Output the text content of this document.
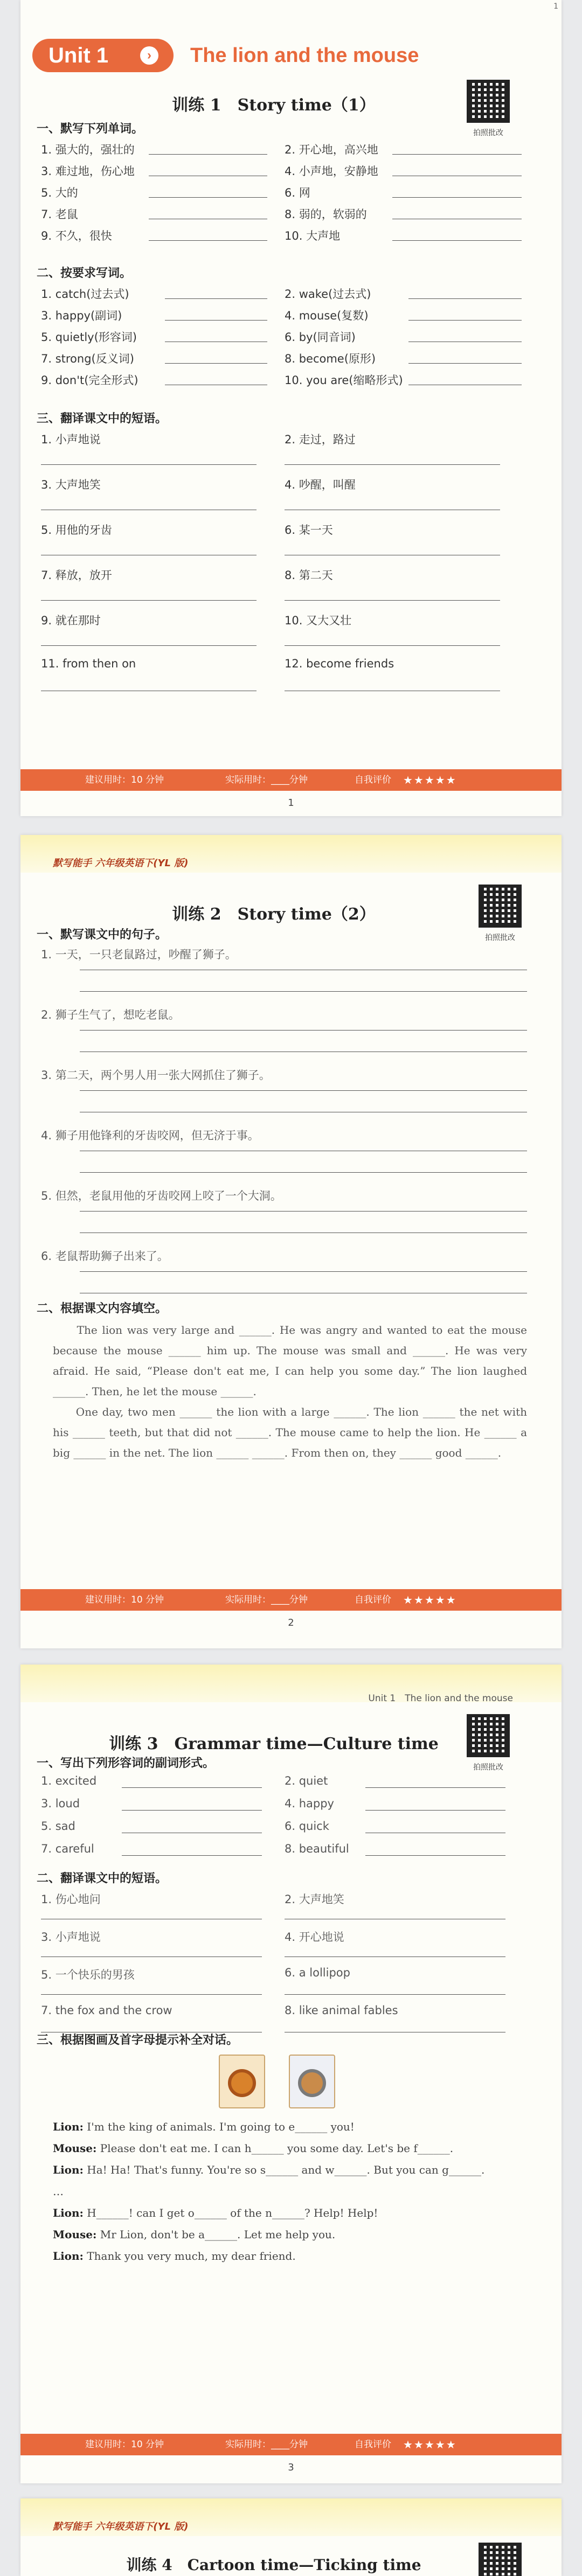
1
Unit 1	›	The lion and the mouse
训练 1　Story time（1）
拍照批改
一、默写下列单词。
1. 强大的，强壮的	2. 开心地，高兴地
3. 难过地，伤心地	4. 小声地，安静地
5. 大的	6. 网
7. 老鼠	8. 弱的，软弱的
9. 不久，很快	10. 大声地
二、按要求写词。
1. catch(过去式)	2. wake(过去式)
3. happy(副词)	4. mouse(复数)
5. quietly(形容词)	6. by(同音词)
7. strong(反义词)	8. become(原形)
9. don't(完全形式)	10. you are(缩略形式)
三、翻译课文中的短语。
1. 小声地说	2. 走过，路过
3. 大声地笑	4. 吵醒，叫醒
5. 用他的牙齿	6. 某一天
7. 释放，放开	8. 第二天
9. 就在那时	10. 又大又壮
11. from then on	12. become friends
建议用时：10 分钟	实际用时：____分钟	自我评价 ★★★★★
1
默写能手 六年级英语下(YL 版)
训练 2　Story time（2）
拍照批改
一、默写课文中的句子。
1. 一天，一只老鼠路过，吵醒了狮子。
2. 狮子生气了，想吃老鼠。
3. 第二天，两个男人用一张大网抓住了狮子。
4. 狮子用他锋利的牙齿咬网，但无济于事。
5. 但然，老鼠用他的牙齿咬网上咬了一个大洞。
6. 老鼠帮助狮子出来了。
二、根据课文内容填空。

　　The lion was very large and ______. He was angry and wanted to eat the mouse because the mouse ______ him up. The mouse was small and ______. He was very afraid. He said, “Please don't eat me, I can help you some day.” The lion laughed ______. Then, he let the mouse ______.

　　One day, two men ______ the lion with a large ______. The lion ______ the net with his ______ teeth, but that did not ______. The mouse came to help the lion. He ______ a big ______ in the net. The lion ______ ______. From then on, they ______ good ______.

建议用时：10 分钟	实际用时：____分钟	自我评价 ★★★★★
2
Unit 1　The lion and the mouse
训练 3　Grammar time—Culture time
拍照批改
一、写出下列形容词的副词形式。
1. excited	2. quiet
3. loud	4. happy
5. sad	6. quick
7. careful	8. beautiful
二、翻译课文中的短语。
1. 伤心地问	2. 大声地笑
3. 小声地说	4. 开心地说
5. 一个快乐的男孩	6. a lollipop
7. the fox and the crow	8. like animal fables
三、根据图画及首字母提示补全对话。
Lion: I'm the king of animals. I'm going to e______ you!
Mouse: Please don't eat me. I can h______ you some day. Let's be f______.
Lion: Ha! Ha! That's funny. You're so s______ and w______. But you can g______.
…
Lion: H______! can I get o______ of the n______? Help! Help!
Mouse: Mr Lion, don't be a______. Let me help you.
Lion: Thank you very much, my dear friend.
建议用时：10 分钟	实际用时：____分钟	自我评价 ★★★★★
3
默写能手 六年级英语下(YL 版)
训练 4　Cartoon time—Ticking time
